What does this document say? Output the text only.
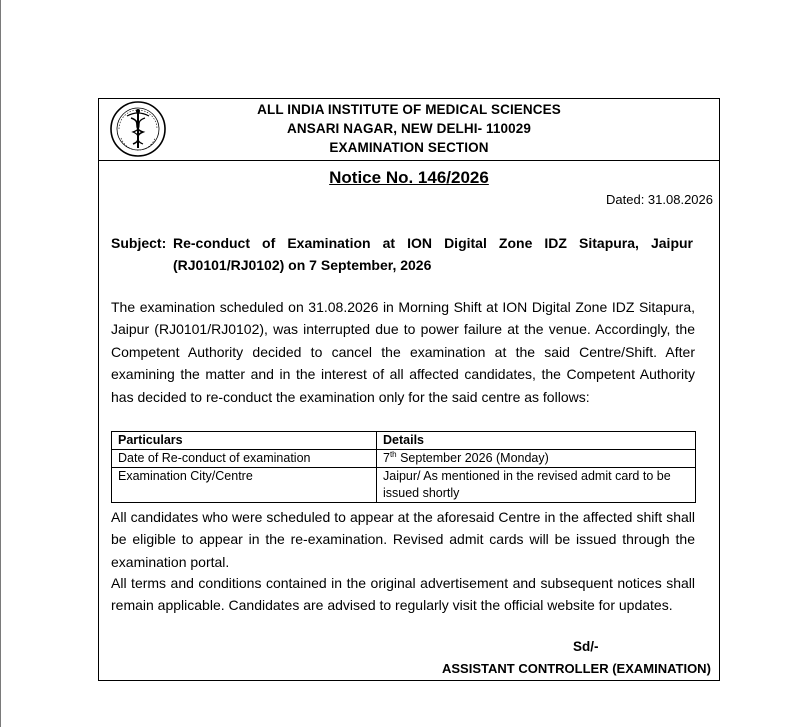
ALL INDIA INSTITUTE OF MEDICAL SCIENCES
ANSARI NAGAR, NEW DELHI- 110029
EXAMINATION SECTION
Notice No. 146/2026
Dated: 31.08.2026
Subject: Re-conduct of Examination at ION Digital Zone IDZ Sitapura, Jaipur (RJ0101/RJ0102) on 7 September, 2026
The examination scheduled on 31.08.2026 in Morning Shift at ION Digital Zone IDZ Sitapura, Jaipur (RJ0101/RJ0102), was interrupted due to power failure at the venue. Accordingly, the Competent Authority decided to cancel the examination at the said Centre/Shift. After examining the matter and in the interest of all affected candidates, the Competent Authority has decided to re-conduct the examination only for the said centre as follows:
Particulars	Details
Date of Re-conduct of examination	7th September 2026 (Monday)
Examination City/Centre	Jaipur/ As mentioned in the revised admit card to be issued shortly
All candidates who were scheduled to appear at the aforesaid Centre in the affected shift shall be eligible to appear in the re-examination. Revised admit cards will be issued through the examination portal.
All terms and conditions contained in the original advertisement and subsequent notices shall remain applicable. Candidates are advised to regularly visit the official website for updates.
Sd/-
ASSISTANT CONTROLLER (EXAMINATION)
